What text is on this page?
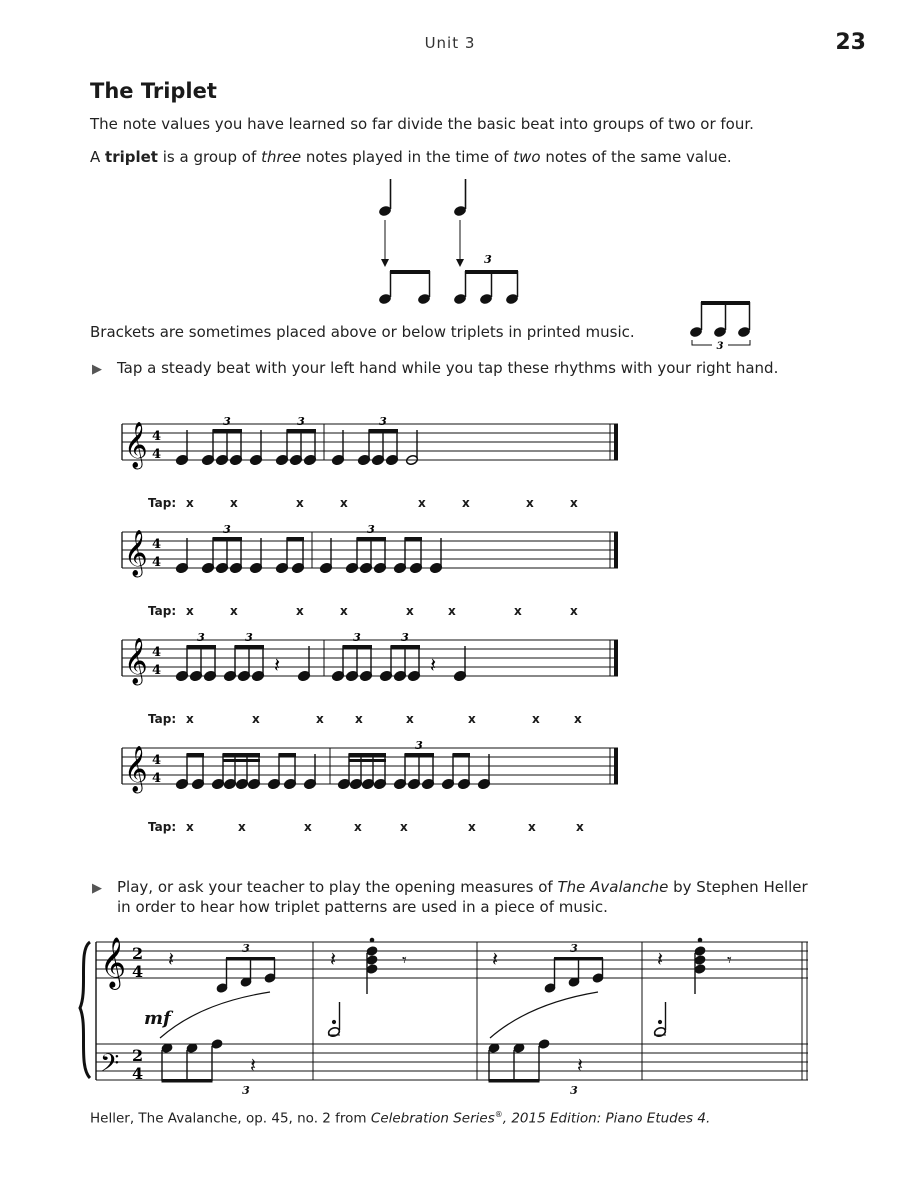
Unit 3	23
The Triplet
The note values you have learned so far divide the basic beat into groups of two or four.
A triplet is a group of three notes played in the time of two notes of the same value.
3
Brackets are sometimes placed above or below triplets in printed music.
3
▶ Tap a steady beat with your left hand while you tap these rhythms with your right hand.
𝄞 4
4
3	3	3
Tap: x	x	x	x	x	x	x	x
𝄞 4
4
3	3
Tap: x	x	x	x	x	x	x	x
𝄞 4
4
3	3
𝄽
3	3
𝄽
Tap: x	x	x	x	x	x	x	x
𝄞 4
4
3
Tap: x	x	x	x	x	x	x	x
▶ Play, or ask your teacher to play the opening measures of The Avalanche by Stephen Heller in order to hear how triplet patterns are used in a piece of music.
𝄞
𝄢
2
4
2
4
𝄽	𝄽	𝄽	𝄽
𝄽	𝄽
𝄾	𝄾
3	3
3	3
mf
Heller, The Avalanche, op. 45, no. 2 from Celebration Series®, 2015 Edition: Piano Etudes 4.
